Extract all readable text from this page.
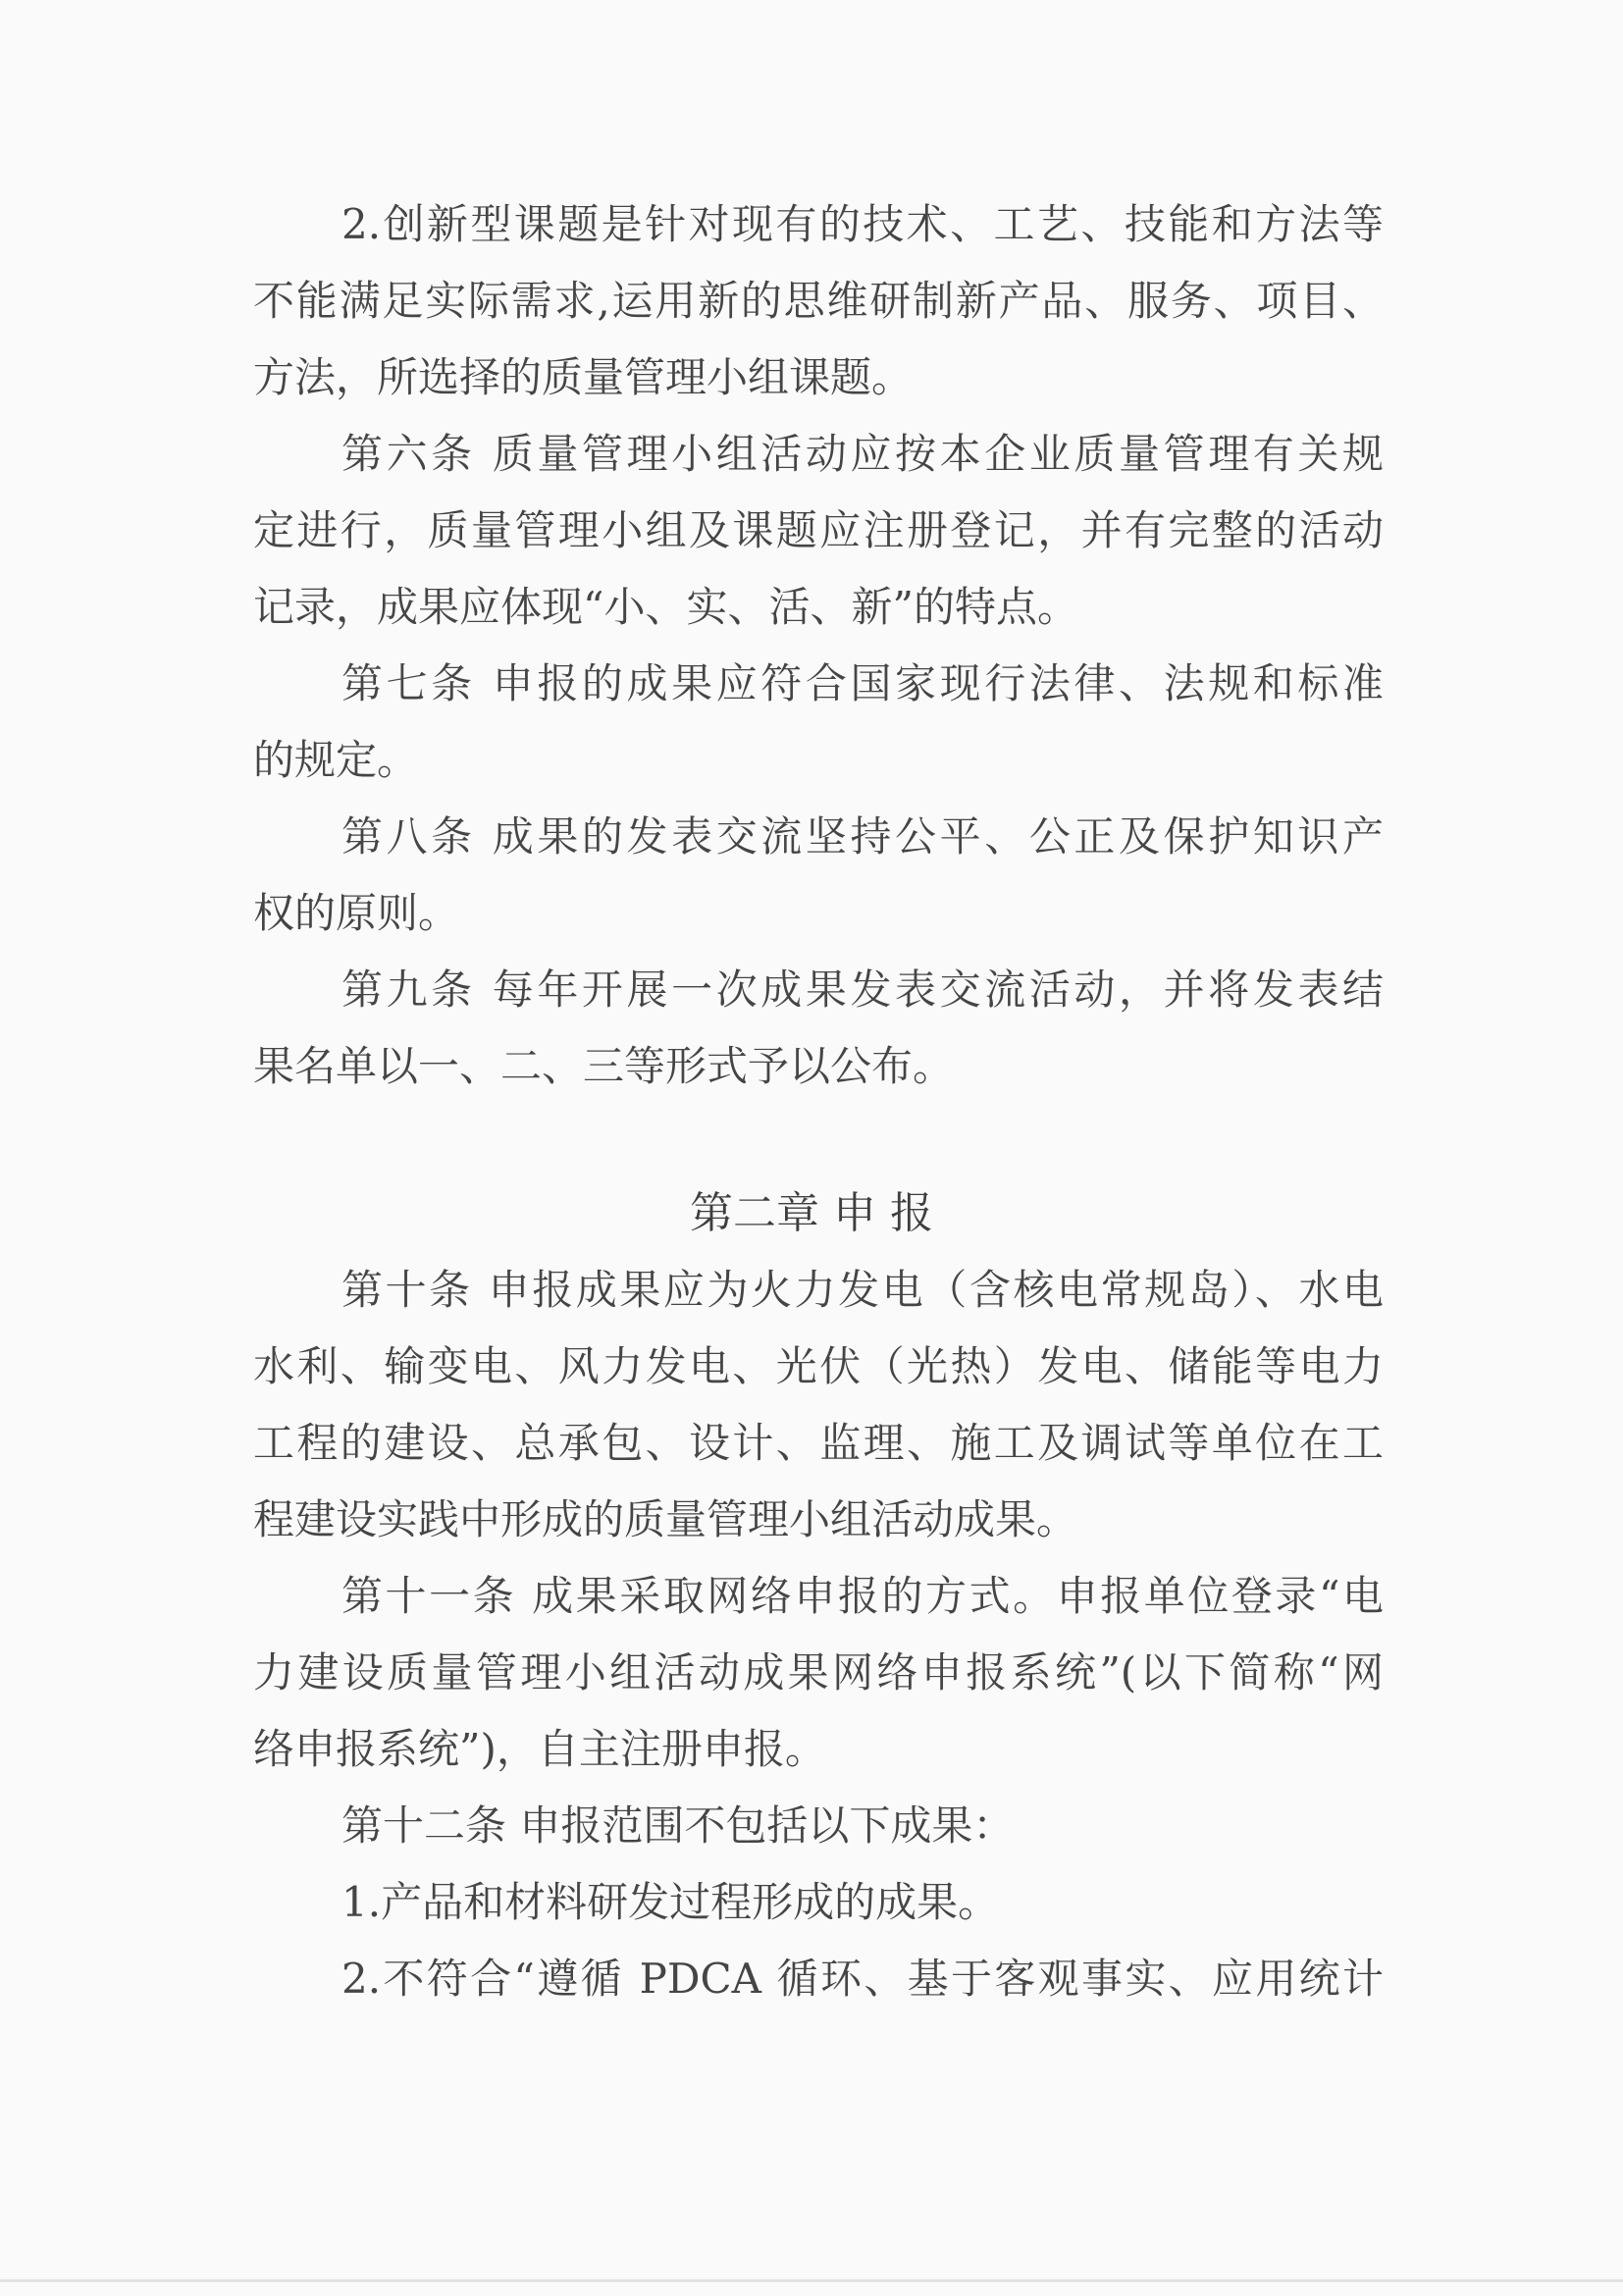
2.创新型课题是针对现有的技术、工艺、技能和方法等

不能满足实际需求,运用新的思维研制新产品、服务、项目、

方法，所选择的质量管理小组课题。

第六条 质量管理小组活动应按本企业质量管理有关规

定进行，质量管理小组及课题应注册登记，并有完整的活动

记录，成果应体现“小、实、活、新”的特点。

第七条 申报的成果应符合国家现行法律、法规和标准

的规定。

第八条 成果的发表交流坚持公平、公正及保护知识产

权的原则。

第九条 每年开展一次成果发表交流活动，并将发表结

果名单以一、二、三等形式予以公布。

第二章 申 报

第十条 申报成果应为火力发电（含核电常规岛）、水电

水利、输变电、风力发电、光伏（光热）发电、储能等电力

工程的建设、总承包、设计、监理、施工及调试等单位在工

程建设实践中形成的质量管理小组活动成果。

第十一条 成果采取网络申报的方式。申报单位登录“电

力建设质量管理小组活动成果网络申报系统”(以下简称“网

络申报系统”)，自主注册申报。

第十二条 申报范围不包括以下成果：

1.产品和材料研发过程形成的成果。

2.不符合“遵循 PDCA 循环、基于客观事实、应用统计
